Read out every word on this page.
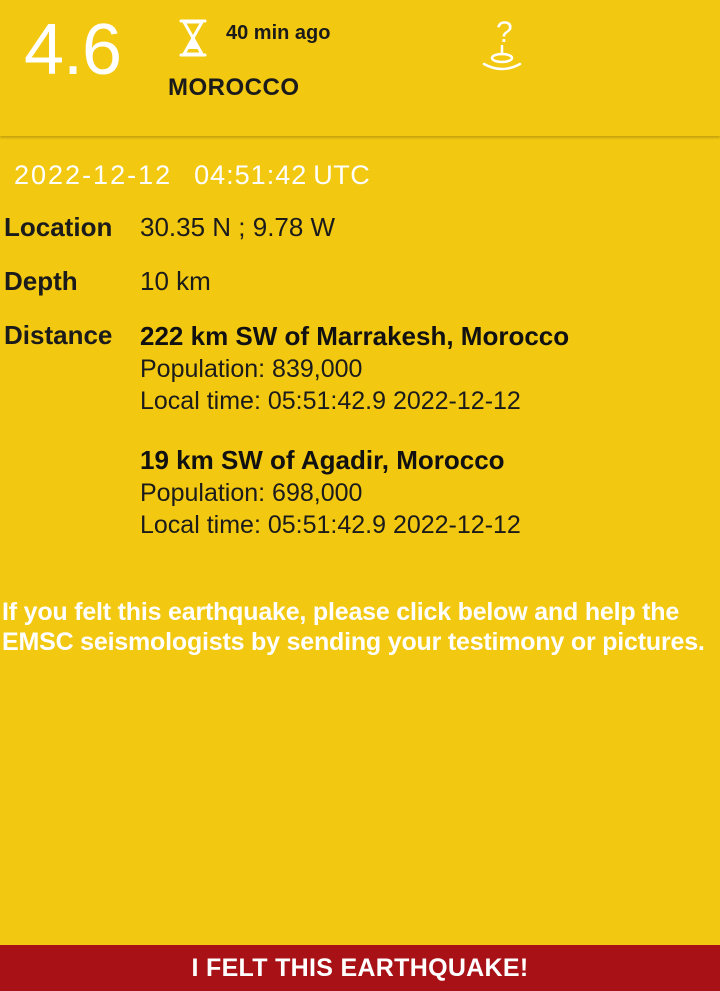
4.6	40 min ago
MOROCCO
?
2022-12-12 04:51:42 UTC
Location	30.35 N ; 9.78 W
Depth	10 km
Distance	222 km SW of Marrakesh, Morocco
Population: 839,000
Local time: 05:51:42.9 2022-12-12
19 km SW of Agadir, Morocco
Population: 698,000
Local time: 05:51:42.9 2022-12-12
If you felt this earthquake, please click below and help the
EMSC seismologists by sending your testimony or pictures.
I FELT THIS EARTHQUAKE!
